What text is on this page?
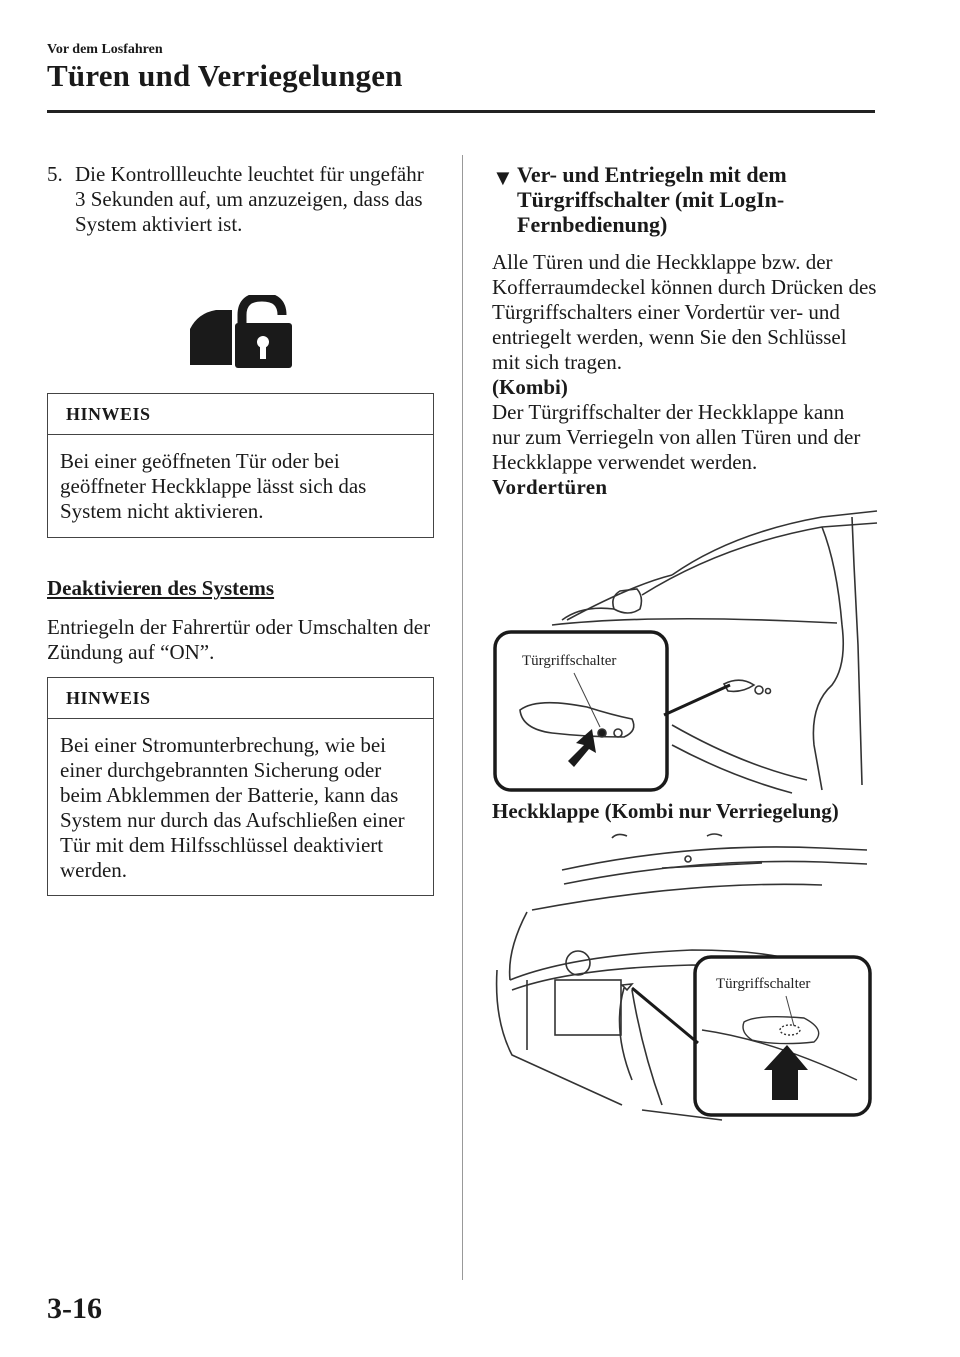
Vor dem Losfahren
Türen und Verriegelungen
5. Die Kontrollleuchte leuchtet für ungefähr 3 Sekunden auf, um anzuzeigen, dass das System aktiviert ist.
HINWEIS
Bei einer geöffneten Tür oder bei geöffneter Heckklappe lässt sich das System nicht aktivieren.
Deaktivieren des Systems
Entriegeln der Fahrertür oder Umschalten der Zündung auf “ON”.
HINWEIS
Bei einer Stromunterbrechung, wie bei einer durchgebrannten Sicherung oder beim Abklemmen der Batterie, kann das System nur durch das Aufschließen einer Tür mit dem Hilfsschlüssel deaktiviert werden.
▼ Ver- und Entriegeln mit dem Türgriffschalter (mit LogIn-Fernbedienung)
Alle Türen und die Heckklappe bzw. der Kofferraumdeckel können durch Drücken des Türgriffschalters einer Vordertür ver- und entriegelt werden, wenn Sie den Schlüssel mit sich tragen.
(Kombi)
Der Türgriffschalter der Heckklappe kann nur zum Verriegeln von allen Türen und der Heckklappe verwendet werden.
Vordertüren
Türgriffschalter
Heckklappe (Kombi nur Verriegelung)
Türgriffschalter
3-16
